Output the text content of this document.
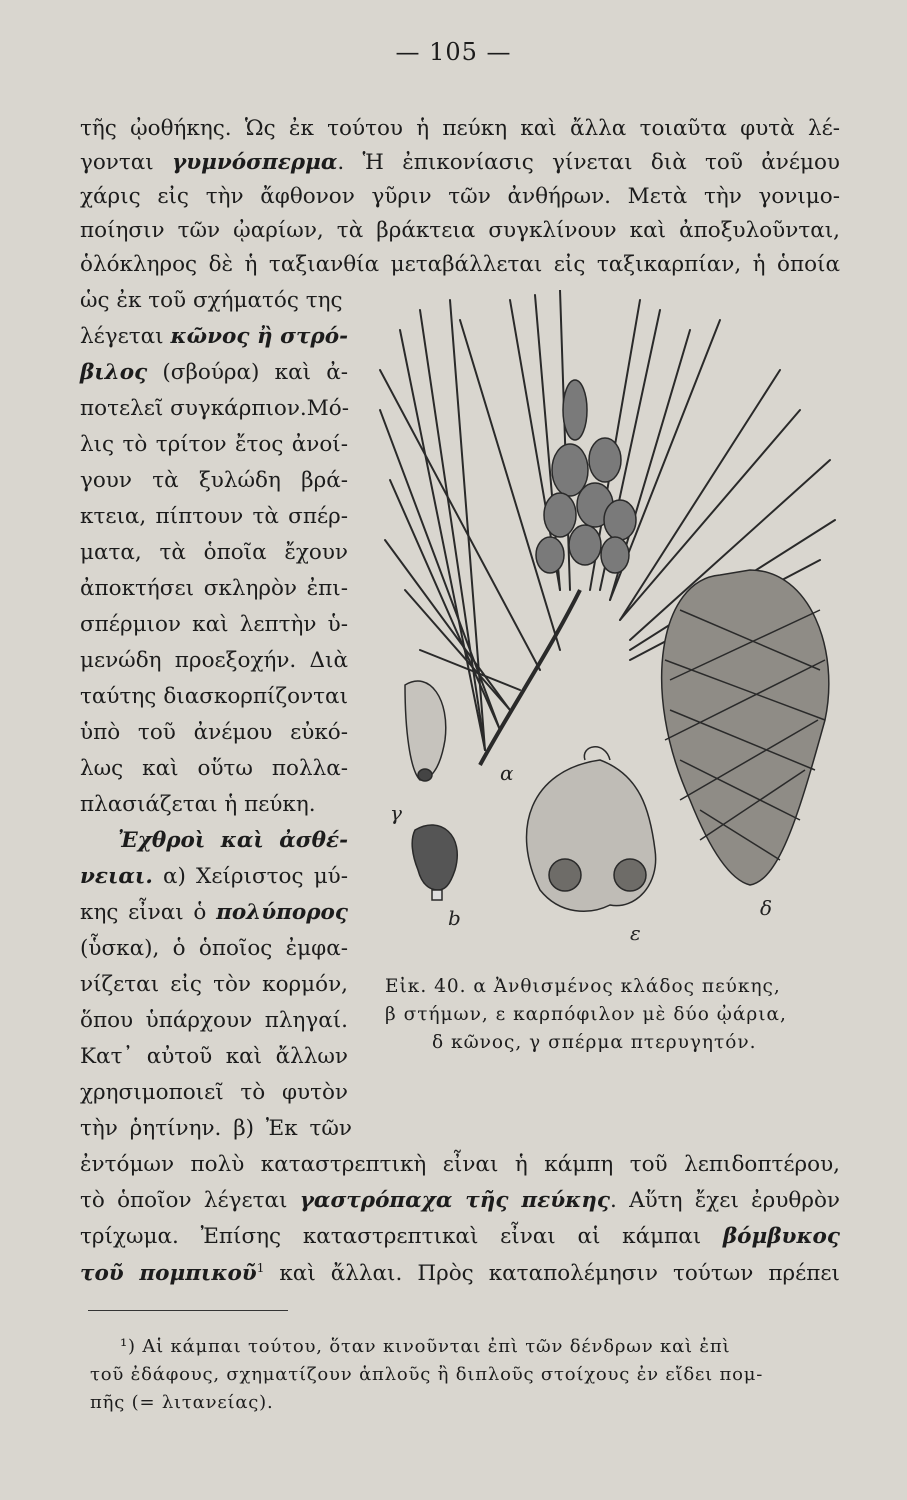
— 105 —
τῆς ᾠοθήκης. Ὡς ἐκ τούτου ἡ πεύκη καὶ ἄλλα τοιαῦτα φυτὰ λέ-
γονται γυμνόσπερμα. Ἡ ἐπικονίασις γίνεται διὰ τοῦ ἀνέμου
χάρις εἰς τὴν ἄφθονον γῦριν τῶν ἀνθήρων. Μετὰ τὴν γονιμο-
ποίησιν τῶν ᾠαρίων, τὰ βράκτεια συγκλίνουν καὶ ἀποξυλοῦνται,
ὁλόκληρος δὲ ἡ ταξιανθία μεταβάλλεται εἰς ταξικαρπίαν, ἡ ὁποία
ὡς ἐκ τοῦ σχήματός της
λέγεται κῶνος ἢ στρό-
βιλος (σβούρα) καὶ ἀ-
ποτελεῖ συγκάρπιον.Μό-
λις τὸ τρίτον ἔτος ἀνοί-
γουν τὰ ξυλώδη βρά-
κτεια, πίπτουν τὰ σπέρ-
ματα, τὰ ὁποῖα ἔχουν
ἀποκτήσει σκληρὸν ἐπι-
σπέρμιον καὶ λεπτὴν ὑ-
μενώδη προεξοχήν. Διὰ
ταύτης διασκορπίζονται
ὑπὸ τοῦ ἀνέμου εὐκό-
λως καὶ οὕτω πολλα-
πλασιάζεται ἡ πεύκη.
Ἐχθροὶ καὶ ἀσθέ-
νειαι. α) Χείριστος μύ-
κης εἶναι ὁ πολύπορος
(ὗσκα), ὁ ὁποῖος ἐμφα-
νίζεται εἰς τὸν κορμόν,
ὅπου ὑπάρχουν πληγαί.
Κατ᾽ αὐτοῦ καὶ ἄλλων
χρησιμοποιεῖ τὸ φυτὸν
τὴν ῥητίνην. β) Ἐκ τῶν
ἐντόμων πολὺ καταστρεπτικὴ εἶναι ἡ κάμπη τοῦ λεπιδοπτέρου,
τὸ ὁποῖον λέγεται γαστρόπαχα τῆς πεύκης. Αὕτη ἔχει ἐρυθρὸν
τρίχωμα. Ἐπίσης καταστρεπτικαὶ εἶναι αἱ κάμπαι βόμβυκος
α
γ
b
ε
δ
Εἰκ. 40. α Ἀνθισμένος κλάδος πεύκης,
β στήμων, ε καρπόφιλον μὲ δύο ᾠάρια,
δ κῶνος, γ σπέρμα πτερυγητόν.
τοῦ πομπικοῦ$^1$ καὶ ἄλλαι. Πρὸς καταπολέμησιν τούτων πρέπει
¹) Αἱ κάμπαι τούτου, ὅταν κινοῦνται ἐπὶ τῶν δένδρων καὶ ἐπὶ
τοῦ ἐδάφους, σχηματίζουν ἁπλοῦς ἢ διπλοῦς στοίχους ἐν εἴδει πομ-
πῆς (= λιτανείας).
